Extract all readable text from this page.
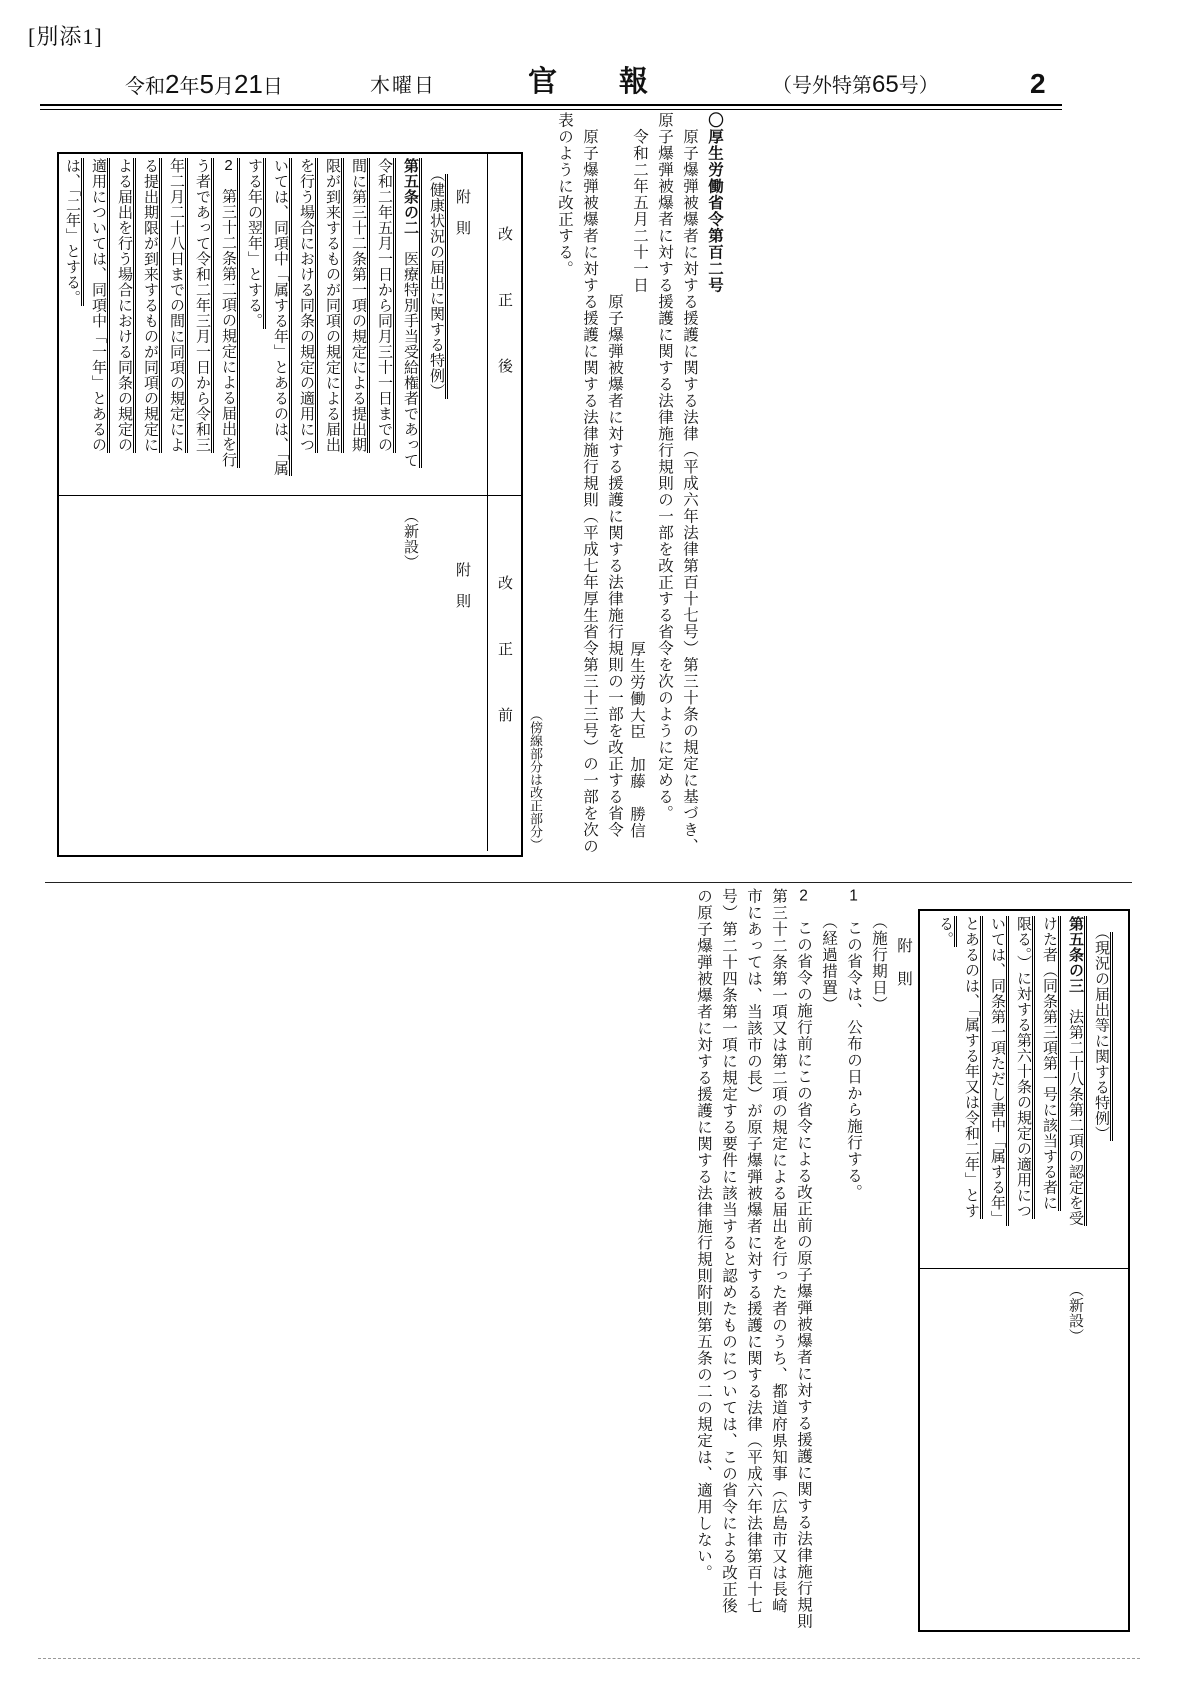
[別添1]
令和2年5月21日	木曜日	官 報	（号外特第65号）	2
〇厚生労働省令第百二号
　原子爆弾被爆者に対する援護に関する法律（平成六年法律第百十七号）第三十条の規定に基づき、
原子爆弾被爆者に対する援護に関する法律施行規則の一部を改正する省令を次のように定める。
　令和二年五月二十一日
厚生労働大臣　加藤　勝信
　　　　　　　　　　　原子爆弾被爆者に対する援護に関する法律施行規則の一部を改正する省令
　原子爆弾被爆者に対する援護に関する法律施行規則（平成七年厚生省令第三十三号）の一部を次の
表のように改正する。
（傍線部分は改正部分）
改正後
　　附　則
　（健康状況の届出に関する特例）
第五条の二　医療特別手当受給権者であって
令和二年五月一日から同月三十一日までの
間に第三十二条第一項の規定による提出期
限が到来するものが同項の規定による届出
を行う場合における同条の規定の適用につ
いては、同項中「属する年」とあるのは、「属
する年の翌年」とする。
2　第三十二条第二項の規定による届出を行
う者であって令和二年三月一日から令和三
年二月二十八日までの間に同項の規定によ
る提出期限が到来するものが同項の規定に
よる届出を行う場合における同条の規定の
適用については、同項中「一年」とあるの
は、「二年」とする。
改正前
　　　　附　則

　（新設）
　（現況の届出等に関する特例）
第五条の三　法第二十八条第二項の認定を受
けた者（同条第三項第一号に該当する者に
限る。）に対する第六十条の規定の適用につ
いては、同条第一項ただし書中「属する年」
とあるのは、「属する年又は令和二年」とす
る。

　（新設）
　　　附　則
　　（施行期日）
1　この省令は、公布の日から施行する。
　　（経過措置）
2　この省令の施行前にこの省令による改正前の原子爆弾被爆者に対する援護に関する法律施行規則
第三十二条第一項又は第二項の規定による届出を行った者のうち、都道府県知事（広島市又は長崎
市にあっては、当該市の長）が原子爆弾被爆者に対する援護に関する法律（平成六年法律第百十七
号）第二十四条第一項に規定する要件に該当すると認めたものについては、この省令による改正後
の原子爆弾被爆者に対する援護に関する法律施行規則附則第五条の二の規定は、適用しない。
